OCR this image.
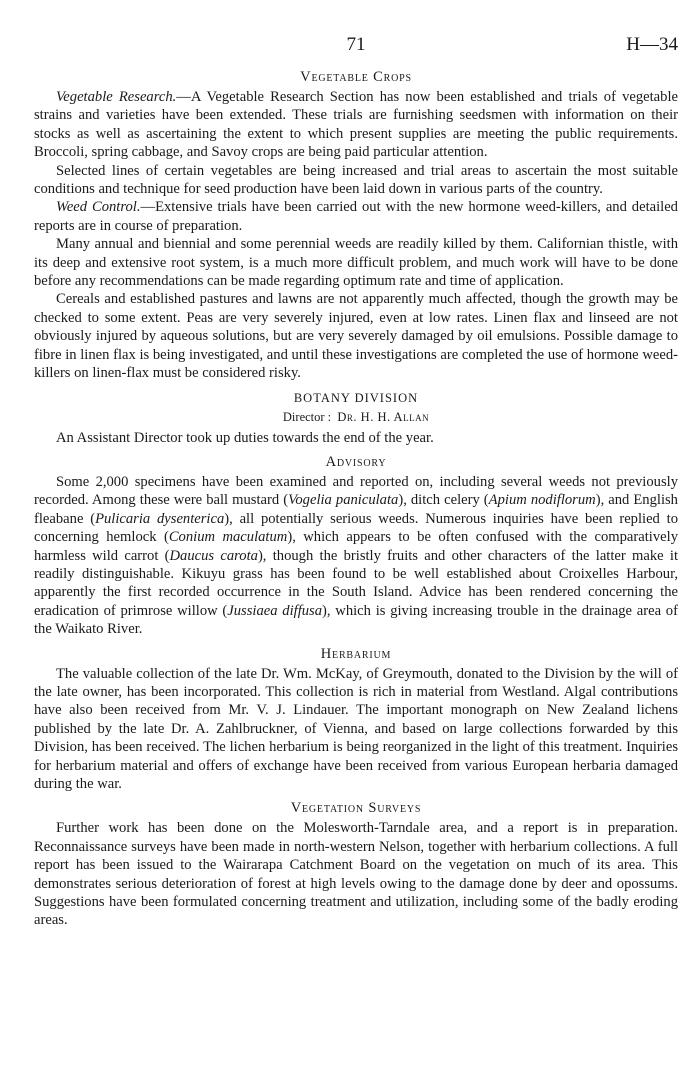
71	H—34
Vegetable Crops

Vegetable Research.—A Vegetable Research Section has now been established and trials of vegetable strains and varieties have been extended. These trials are furnishing seedsmen with information on their stocks as well as ascertaining the extent to which present supplies are meeting the public requirements. Broccoli, spring cabbage, and Savoy crops are being paid particular attention.

Selected lines of certain vegetables are being increased and trial areas to ascertain the most suitable conditions and technique for seed production have been laid down in various parts of the country.

Weed Control.—Extensive trials have been carried out with the new hormone weed-killers, and detailed reports are in course of preparation.

Many annual and biennial and some perennial weeds are readily killed by them. Californian thistle, with its deep and extensive root system, is a much more difficult problem, and much work will have to be done before any recommendations can be made regarding optimum rate and time of application.

Cereals and established pastures and lawns are not apparently much affected, though the growth may be checked to some extent. Peas are very severely injured, even at low rates. Linen flax and linseed are not obviously injured by aqueous solutions, but are very severely damaged by oil emulsions. Possible damage to fibre in linen flax is being investigated, and until these investigations are completed the use of hormone weed-killers on linen-flax must be considered risky.

BOTANY DIVISION
Director : Dr. H. H. Allan

An Assistant Director took up duties towards the end of the year.

Advisory

Some 2,000 specimens have been examined and reported on, including several weeds not previously recorded. Among these were ball mustard (Vogelia paniculata), ditch celery (Apium nodiflorum), and English fleabane (Pulicaria dysenterica), all potentially serious weeds. Numerous inquiries have been replied to concerning hemlock (Conium maculatum), which appears to be often confused with the comparatively harmless wild carrot (Daucus carota), though the bristly fruits and other characters of the latter make it readily distinguishable. Kikuyu grass has been found to be well established about Croixelles Harbour, apparently the first recorded occurrence in the South Island. Advice has been rendered concerning the eradication of primrose willow (Jussiaea diffusa), which is giving increasing trouble in the drainage area of the Waikato River.

Herbarium

The valuable collection of the late Dr. Wm. McKay, of Greymouth, donated to the Division by the will of the late owner, has been incorporated. This collection is rich in material from Westland. Algal contributions have also been received from Mr. V. J. Lindauer. The important monograph on New Zealand lichens published by the late Dr. A. Zahlbruckner, of Vienna, and based on large collections forwarded by this Division, has been received. The lichen herbarium is being reorganized in the light of this treatment. Inquiries for herbarium material and offers of exchange have been received from various European herbaria damaged during the war.

Vegetation Surveys

Further work has been done on the Molesworth-Tarndale area, and a report is in preparation. Reconnaissance surveys have been made in north-western Nelson, together with herbarium collections. A full report has been issued to the Wairarapa Catchment Board on the vegetation on much of its area. This demonstrates serious deterioration of forest at high levels owing to the damage done by deer and opossums. Suggestions have been formulated concerning treatment and utilization, including some of the badly eroding areas.
